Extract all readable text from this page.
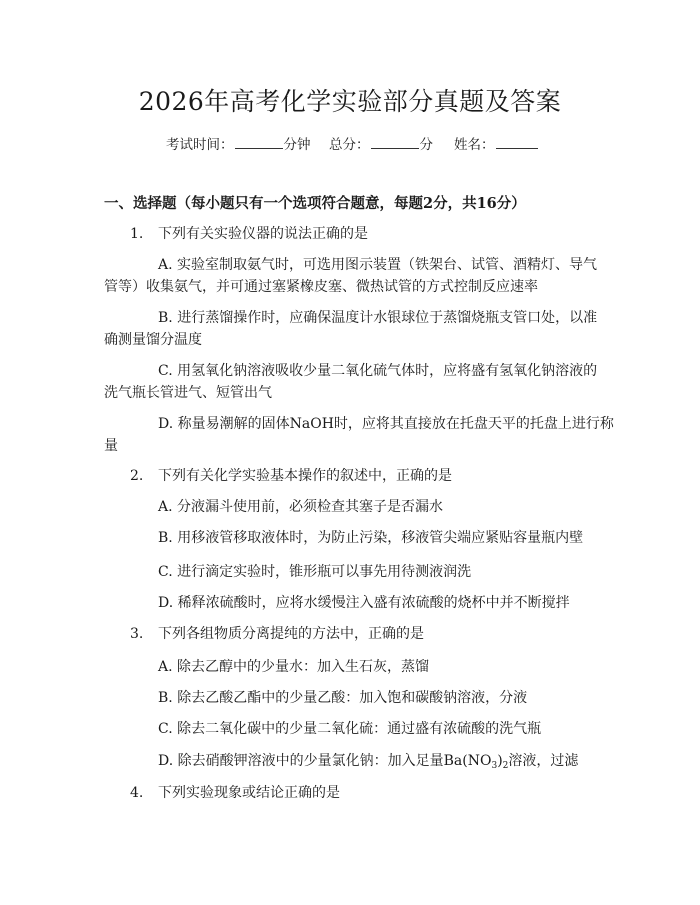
2026年高考化学实验部分真题及答案
考试时间：	分钟 总分：	分 姓名：
一、选择题（每小题只有一个选项符合题意，每题2分，共16分）
1. 下列有关实验仪器的说法正确的是
A. 实验室制取氨气时，可选用图示装置（铁架台、试管、酒精灯、导气
管等）收集氨气，并可通过塞紧橡皮塞、微热试管的方式控制反应速率
B. 进行蒸馏操作时，应确保温度计水银球位于蒸馏烧瓶支管口处，以准
确测量馏分温度
C. 用氢氧化钠溶液吸收少量二氧化硫气体时，应将盛有氢氧化钠溶液的
洗气瓶长管进气、短管出气
D. 称量易潮解的固体NaOH时，应将其直接放在托盘天平的托盘上进行称
量
2. 下列有关化学实验基本操作的叙述中，正确的是
A. 分液漏斗使用前，必须检查其塞子是否漏水
B. 用移液管移取液体时，为防止污染，移液管尖端应紧贴容量瓶内壁
C. 进行滴定实验时，锥形瓶可以事先用待测液润洗
D. 稀释浓硫酸时，应将水缓慢注入盛有浓硫酸的烧杯中并不断搅拌
3. 下列各组物质分离提纯的方法中，正确的是
A. 除去乙醇中的少量水：加入生石灰，蒸馏
B. 除去乙酸乙酯中的少量乙酸：加入饱和碳酸钠溶液，分液
C. 除去二氧化碳中的少量二氧化硫：通过盛有浓硫酸的洗气瓶
D. 除去硝酸钾溶液中的少量氯化钠：加入足量$Ba(NO_3)_2$溶液，过滤
4. 下列实验现象或结论正确的是
